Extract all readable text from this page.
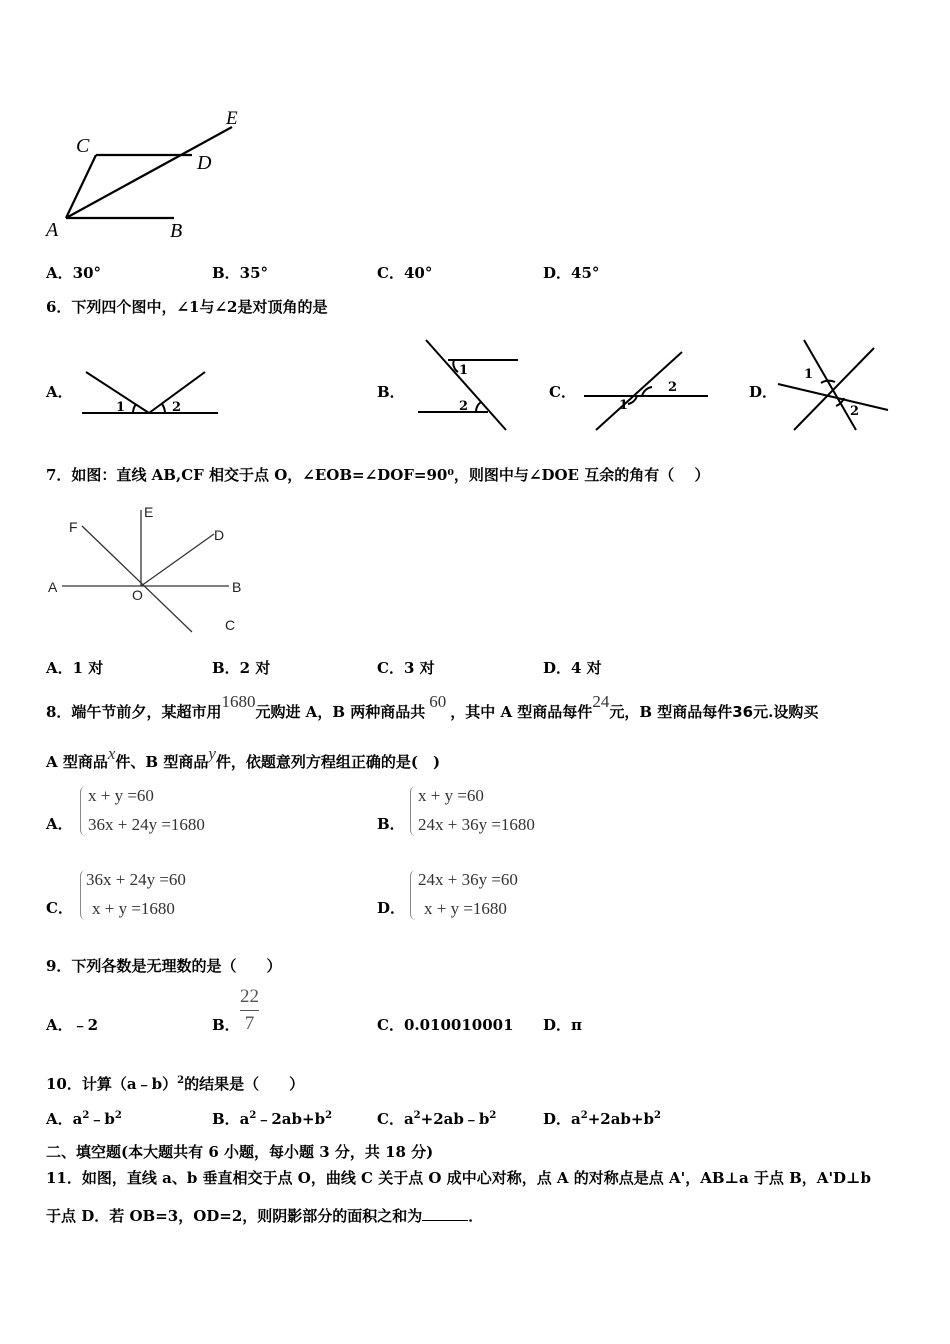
E
C
D
A	B
A．30°	B．35°	C．40°	D．45°
6．下列四个图中，∠1与∠2是对顶角的是
A．
1	2
B．
1
2
C．	2
1
D．
1
2
7．如图：直线 AB,CF 相交于点 O，∠EOB=∠DOF=90⁰，则图中与∠DOE 互余的角有（　 ）
F
E
D
A	O	B
C
A．1 对	B．2 对	C．3 对	D．4 对
8．端午节前夕，某超市用1680元购进 A，B 两种商品共60，其中 A 型商品每件24元，B 型商品每件36元.设购买
A 型商品x件、B 型商品y件，依题意列方程组正确的是(　)
A．
x + y =60
36x + 24y =1680	B．
x + y =60
24x + 36y =1680
C．
36x + 24y =60
x + y =1680	D．
24x + 36y =60
x + y =1680
9．下列各数是无理数的是（　　）
A．﹣2	B．
22
7	C．0.010010001 D．π
10．计算（a﹣b）$^2$的结果是（　　）
A．$a^2﹣b^2$	B．$a^2﹣2ab+b^2$	C．$a^2+2ab﹣b^2$	D．$a^2+2ab+b^2$
二、填空题(本大题共有 6 小题，每小题 3 分，共 18 分)
11．如图，直线 a、b 垂直相交于点 O，曲线 C 关于点 O 成中心对称，点 A 的对称点是点 A'，AB⊥a 于点 B，A'D⊥b
于点 D．若 OB=3，OD=2，则阴影部分的面积之和为	．
